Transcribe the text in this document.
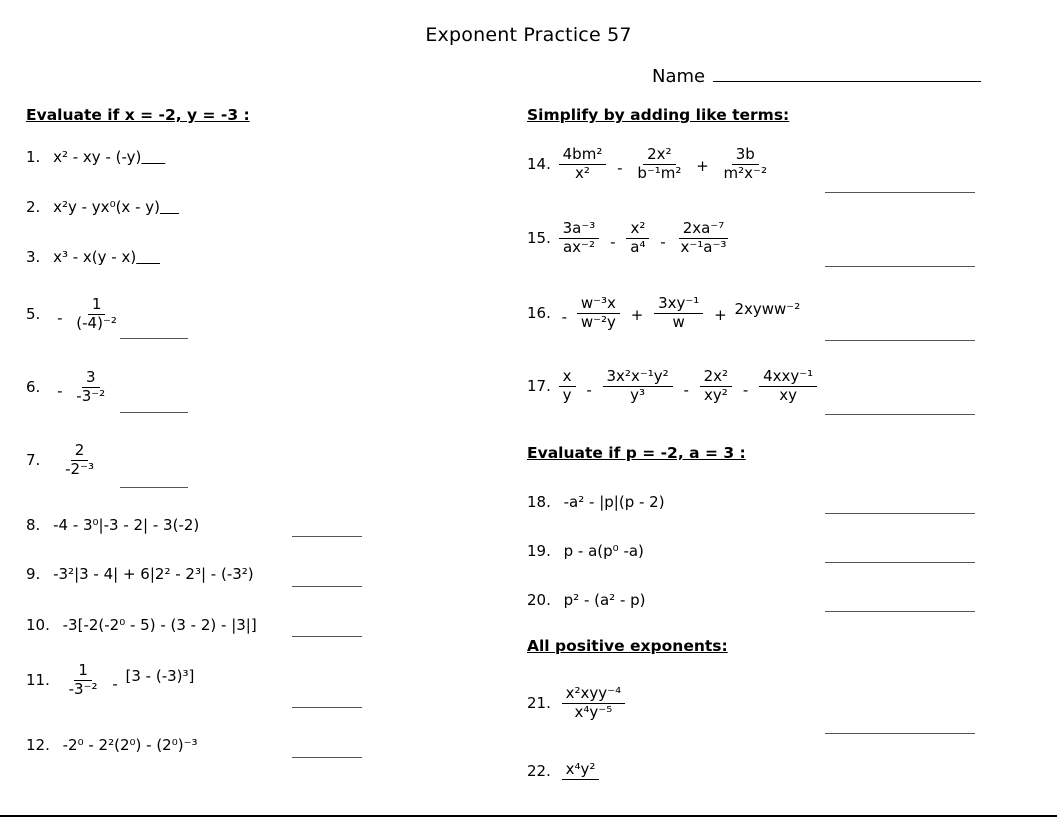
Exponent Practice 57
Name
Evaluate if x = -2, y = -3 :
1. x² - xy - (-y)
2. x²y - yx⁰(x - y)
3. x³ - x(y - x)
5. - $\frac{1}{\text{(-4)⁻²}}$
6. - $\frac{3}{\text{-3⁻²}}$
7. $\frac{2}{\text{-2⁻³}}$
8. -4 - 3⁰|-3 - 2| - 3(-2)
9. -3²|3 - 4| + 6|2² - 2³| - (-3²)
10. -3[-2(-2⁰ - 5) - (3 - 2) - |3|]
11. $\frac{1}{\text{-3⁻²}} - [3 - (-3)^3]$
12. -2⁰ - 2²(2⁰) - (2⁰)⁻³
Simplify by adding like terms:
14. $\frac{\text{4bm²}}{\text{x²}} - \frac{\text{2x²}}{\text{b⁻¹m²}} + \frac{3b}{\text{m²x⁻²}}$
15. $\frac{\text{3a⁻³}}{\text{ax⁻²}} - \frac{\text{x²}}{\text{a⁴}} - \frac{\text{2xa⁻⁷}}{\text{x⁻¹a⁻³}}$
16. - $\frac{\text{w⁻³x}}{\text{w⁻²y}} + \frac{\text{3xy⁻¹}}{w}$ + 2xyww⁻²
17. $\frac{x}{y} - \frac{\text{3x²x⁻¹y²}}{\text{y³}} - \frac{\text{2x²}}{\text{xy²}} - \frac{\text{4xxy⁻¹}}{xy}$
Evaluate if p = -2, a = 3 :
18. -a² - |p|(p - 2)
19. p - a(p⁰ -a)
20. p² - (a² - p)
All positive exponents:
21. $\frac{\text{x²xyy⁻⁴}}{\text{x⁴y⁻⁵}}$
22. x⁴y²
